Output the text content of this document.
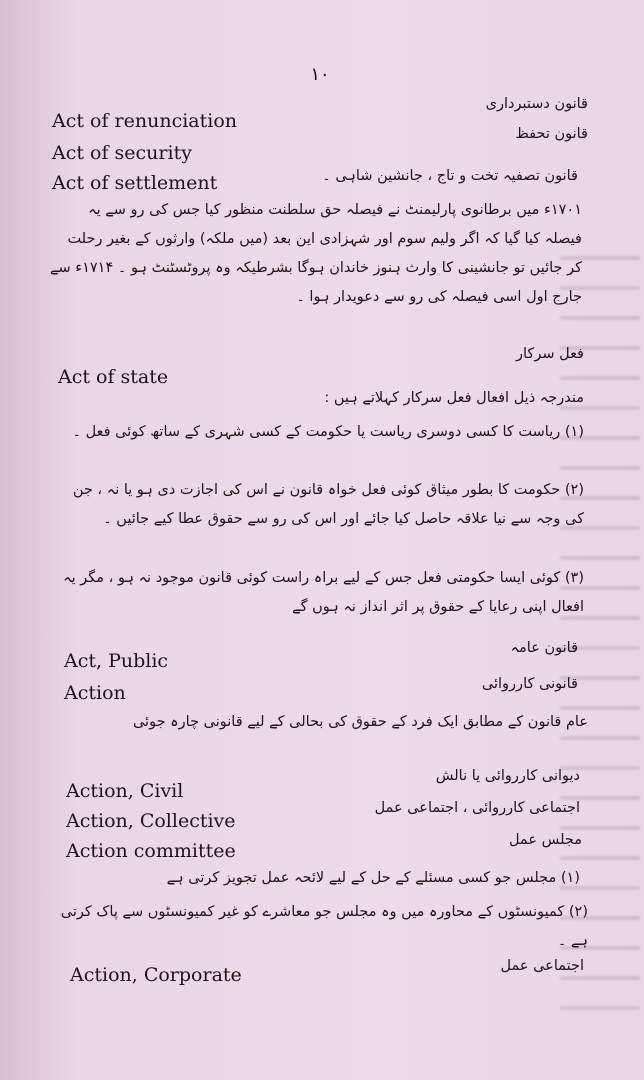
۱۰
قانون دستبرداری
Act of renunciation
قانون تحفظ
Act of security
قانون تصفیہ تخت و تاج ، جانشین شاہی ۔
Act of settlement
۱۷۰۱ء میں برطانوی پارلیمنٹ نے فیصلہ حق سلطنت منظور کیا جس کی رو سے یہ فیصلہ کیا گیا کہ اگر ولیم سوم اور شہزادی این بعد (میں ملکہ) وارثوں کے بغیر رحلت کر جائیں تو جانشینی کا وارث ہنوز خاندان ہوگا بشرطیکہ وہ پروٹسٹنٹ ہو ۔ ۱۷۱۴ء سے جارج اول اسی فیصلہ کی رو سے دعویدار ہوا ۔
فعل سرکار
Act of state
مندرجہ ذیل افعال فعل سرکار کہلاتے ہیں :
(۱) ریاست کا کسی دوسری ریاست یا حکومت کے کسی شہری کے ساتھ کوئی فعل ۔
(۲) حکومت کا بطور میثاق کوئی فعل خواہ قانون نے اس کی اجازت دی ہو یا نہ ، جن کی وجہ سے نیا علاقہ حاصل کیا جائے اور اس کی رو سے حقوق عطا کیے جائیں ۔
(۳) کوئی ایسا حکومتی فعل جس کے لیے براہ راست کوئی قانون موجود نہ ہو ، مگر یہ افعال اپنی رعایا کے حقوق پر اثر انداز نہ ہوں گے
قانون عامہ
Act, Public
قانونی کارروائی
Action
عام قانون کے مطابق ایک فرد کے حقوق کی بحالی کے لیے قانونی چارہ جوئی
دیوانی کارروائی یا نالش
Action, Civil
اجتماعی کارروائی ، اجتماعی عمل
Action, Collective
مجلس عمل
Action committee
(۱) مجلس جو کسی مسئلے کے حل کے لیے لائحہ عمل تجویز کرتی ہے
(۲) کمیونسٹوں کے محاورہ میں وہ مجلس جو معاشرے کو غیر کمیونسٹوں سے پاک کرتی ہے ۔
اجتماعی عمل
Action, Corporate
